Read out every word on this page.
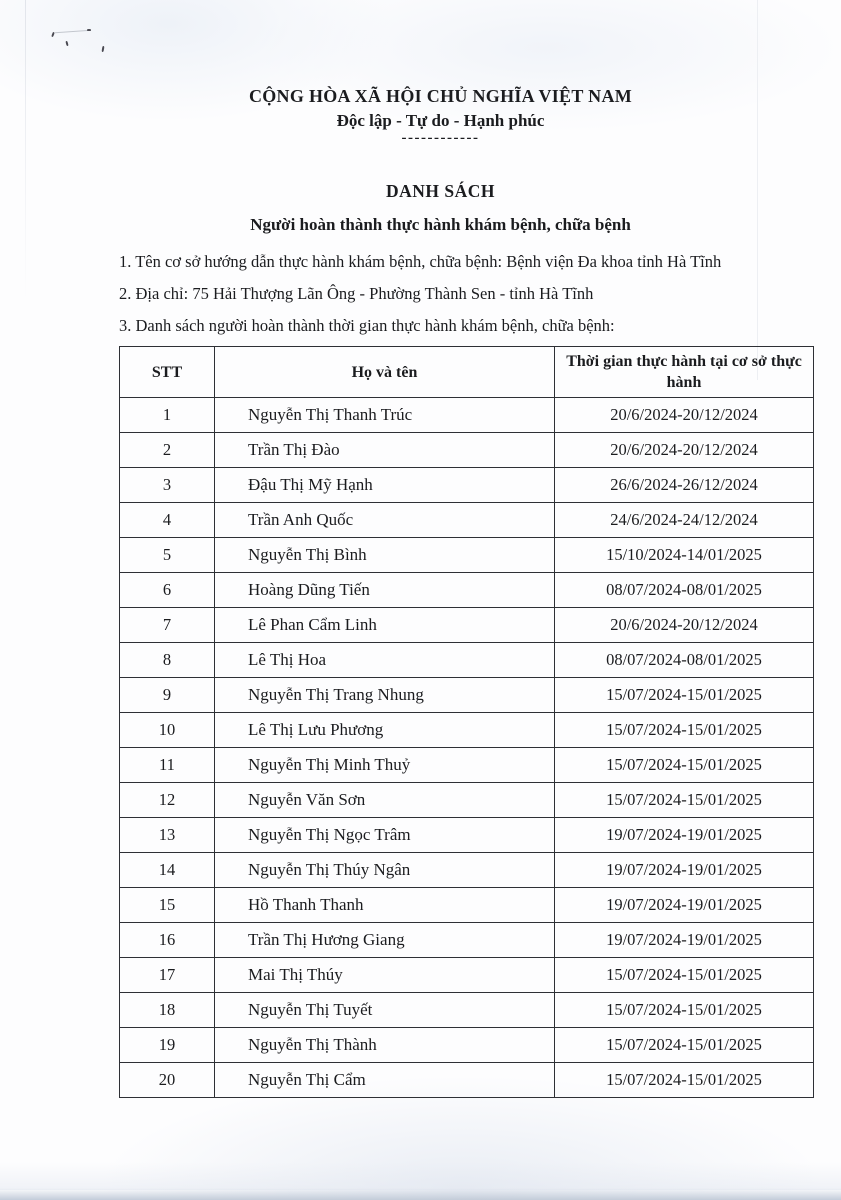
CỘNG HÒA XÃ HỘI CHỦ NGHĨA VIỆT NAM
Độc lập - Tự do - Hạnh phúc
------------
DANH SÁCH
Người hoàn thành thực hành khám bệnh, chữa bệnh

1. Tên cơ sở hướng dẫn thực hành khám bệnh, chữa bệnh: Bệnh viện Đa khoa tỉnh Hà Tĩnh

2. Địa chỉ: 75 Hải Thượng Lãn Ông - Phường Thành Sen - tỉnh Hà Tĩnh

3. Danh sách người hoàn thành thời gian thực hành khám bệnh, chữa bệnh:

STT	Họ và tên	Thời gian thực hành tại cơ sở thực hành
1	Nguyễn Thị Thanh Trúc	20/6/2024-20/12/2024
2	Trần Thị Đào	20/6/2024-20/12/2024
3	Đậu Thị Mỹ Hạnh	26/6/2024-26/12/2024
4	Trần Anh Quốc	24/6/2024-24/12/2024
5	Nguyễn Thị Bình	15/10/2024-14/01/2025
6	Hoàng Dũng Tiến	08/07/2024-08/01/2025
7	Lê Phan Cẩm Linh	20/6/2024-20/12/2024
8	Lê Thị Hoa	08/07/2024-08/01/2025
9	Nguyễn Thị Trang Nhung	15/07/2024-15/01/2025
10	Lê Thị Lưu Phương	15/07/2024-15/01/2025
11	Nguyễn Thị Minh Thuỷ	15/07/2024-15/01/2025
12	Nguyễn Văn Sơn	15/07/2024-15/01/2025
13	Nguyễn Thị Ngọc Trâm	19/07/2024-19/01/2025
14	Nguyễn Thị Thúy Ngân	19/07/2024-19/01/2025
15	Hồ Thanh Thanh	19/07/2024-19/01/2025
16	Trần Thị Hương Giang	19/07/2024-19/01/2025
17	Mai Thị Thúy	15/07/2024-15/01/2025
18	Nguyễn Thị Tuyết	15/07/2024-15/01/2025
19	Nguyễn Thị Thành	15/07/2024-15/01/2025
20	Nguyễn Thị Cẩm	15/07/2024-15/01/2025
